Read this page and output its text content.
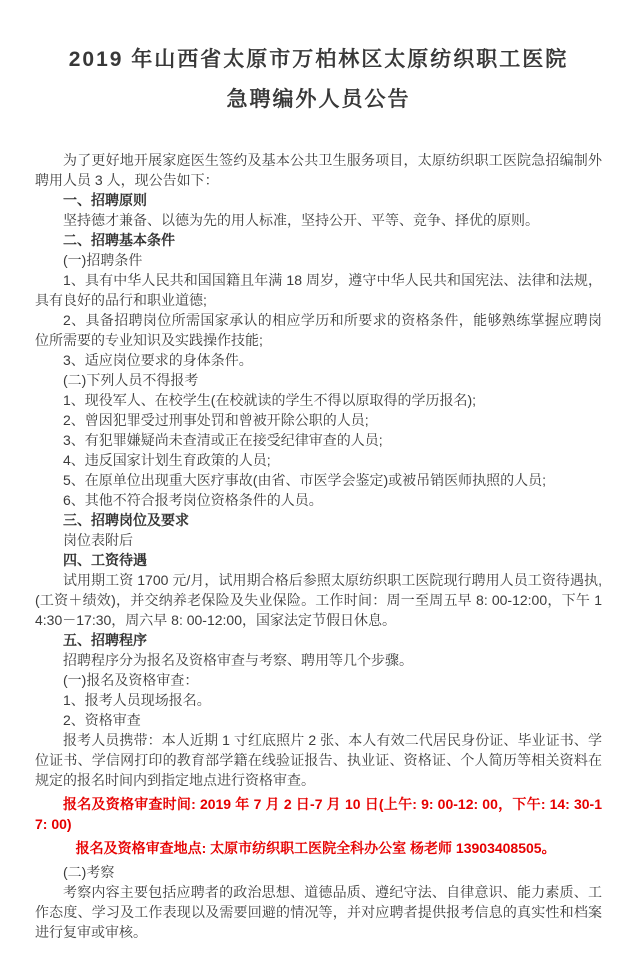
2019 年山西省太原市万柏林区太原纺织职工医院
急聘编外人员公告

为了更好地开展家庭医生签约及基本公共卫生服务项目，太原纺织职工医院急招编制外聘用人员 3 人，现公告如下：

一、招聘原则

坚持德才兼备、以德为先的用人标准，坚持公开、平等、竞争、择优的原则。

二、招聘基本条件

(一)招聘条件

1、具有中华人民共和国国籍且年满 18 周岁，遵守中华人民共和国宪法、法律和法规，具有良好的品行和职业道德;

2、具备招聘岗位所需国家承认的相应学历和所要求的资格条件，能够熟练掌握应聘岗位所需要的专业知识及实践操作技能;

3、适应岗位要求的身体条件。

(二)下列人员不得报考

1、现役军人、在校学生(在校就读的学生不得以原取得的学历报名);

2、曾因犯罪受过刑事处罚和曾被开除公职的人员;

3、有犯罪嫌疑尚未查清或正在接受纪律审查的人员;

4、违反国家计划生育政策的人员;

5、在原单位出现重大医疗事故(由省、市医学会鉴定)或被吊销医师执照的人员;

6、其他不符合报考岗位资格条件的人员。

三、招聘岗位及要求

岗位表附后

四、工资待遇

试用期工资 1700 元/月，试用期合格后参照太原纺织职工医院现行聘用人员工资待遇执,(工资＋绩效)，并交纳养老保险及失业保险。工作时间：周一至周五早 8: 00-12:00，下午 14:30－17:30，周六早 8: 00-12:00，国家法定节假日休息。

五、招聘程序

招聘程序分为报名及资格审查与考察、聘用等几个步骤。

(一)报名及资格审查：

1、报考人员现场报名。

2、资格审查

报考人员携带：本人近期 1 寸红底照片 2 张、本人有效二代居民身份证、毕业证书、学位证书、学信网打印的教育部学籍在线验证报告、执业证、资格证、个人简历等相关资料在规定的报名时间内到指定地点进行资格审查。

报名及资格审查时间: 2019 年 7 月 2 日-7 月 10 日(上午: 9: 00-12: 00，下午: 14: 30-17: 00)

报名及资格审查地点: 太原市纺织职工医院全科办公室 杨老师 13903408505。

(二)考察

考察内容主要包括应聘者的政治思想、道德品质、遵纪守法、自律意识、能力素质、工作态度、学习及工作表现以及需要回避的情况等，并对应聘者提供报考信息的真实性和档案进行复审或审核。
